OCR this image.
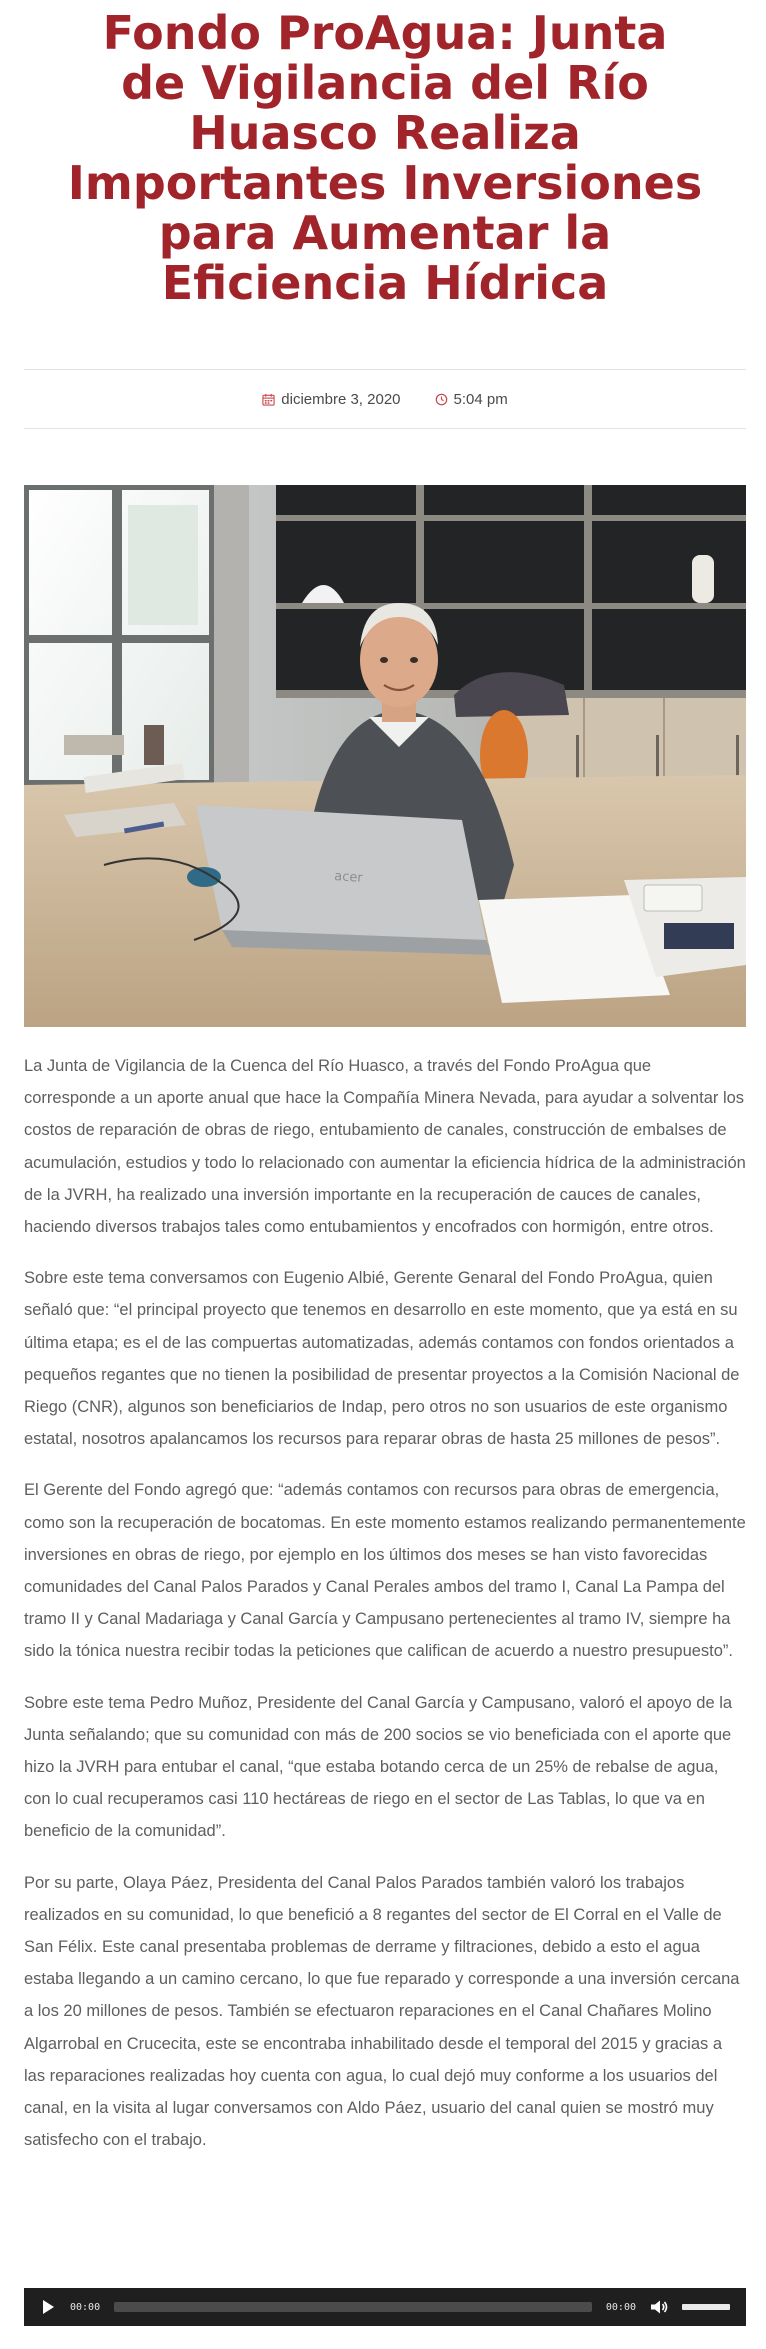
Fondo ProAgua: Junta de Vigilancia del Río Huasco Realiza Importantes Inversiones para Aumentar la Eficiencia Hídrica
diciembre 3, 2020	5:04 pm
acer

La Junta de Vigilancia de la Cuenca del Río Huasco, a través del Fondo ProAgua que corresponde a un aporte anual que hace la Compañía Minera Nevada, para ayudar a solventar los costos de reparación de obras de riego, entubamiento de canales, construcción de embalses de acumulación, estudios y todo lo relacionado con aumentar la eficiencia hídrica de la administración de la JVRH, ha realizado una inversión importante en la recuperación de cauces de canales, haciendo diversos trabajos tales como entubamientos y encofrados con hormigón, entre otros.

Sobre este tema conversamos con Eugenio Albié, Gerente Genaral del Fondo ProAgua, quien señaló que: “el principal proyecto que tenemos en desarrollo en este momento, que ya está en su última etapa; es el de las compuertas automatizadas, además contamos con fondos orientados a pequeños regantes que no tienen la posibilidad de presentar proyectos a la Comisión Nacional de Riego (CNR), algunos son beneficiarios de Indap, pero otros no son usuarios de este organismo estatal, nosotros apalancamos los recursos para reparar obras de hasta 25 millones de pesos”.

El Gerente del Fondo agregó que: “además contamos con recursos para obras de emergencia, como son la recuperación de bocatomas. En este momento estamos realizando permanentemente inversiones en obras de riego, por ejemplo en los últimos dos meses se han visto favorecidas comunidades del Canal Palos Parados y Canal Perales ambos del tramo I, Canal La Pampa del tramo II y Canal Madariaga y Canal García y Campusano pertenecientes al tramo IV, siempre ha sido la tónica nuestra recibir todas la peticiones que califican de acuerdo a nuestro presupuesto”.

Sobre este tema Pedro Muñoz, Presidente del Canal García y Campusano, valoró el apoyo de la Junta señalando; que su comunidad con más de 200 socios se vio beneficiada con el aporte que hizo la JVRH para entubar el canal, “que estaba botando cerca de un 25% de rebalse de agua, con lo cual recuperamos casi 110 hectáreas de riego en el sector de Las Tablas, lo que va en beneficio de la comunidad”.

Por su parte, Olaya Páez, Presidenta del Canal Palos Parados también valoró los trabajos realizados en su comunidad, lo que benefició a 8 regantes del sector de El Corral en el Valle de San Félix. Este canal presentaba problemas de derrame y filtraciones, debido a esto el agua estaba llegando a un camino cercano, lo que fue reparado y corresponde a una inversión cercana a los 20 millones de pesos. También se efectuaron reparaciones en el Canal Chañares Molino Algarrobal en Crucecita, este se encontraba inhabilitado desde el temporal del 2015 y gracias a las reparaciones realizadas hoy cuenta con agua, lo cual dejó muy conforme a los usuarios del canal, en la visita al lugar conversamos con Aldo Páez, usuario del canal quien se mostró muy satisfecho con el trabajo.

00:00	00:00
